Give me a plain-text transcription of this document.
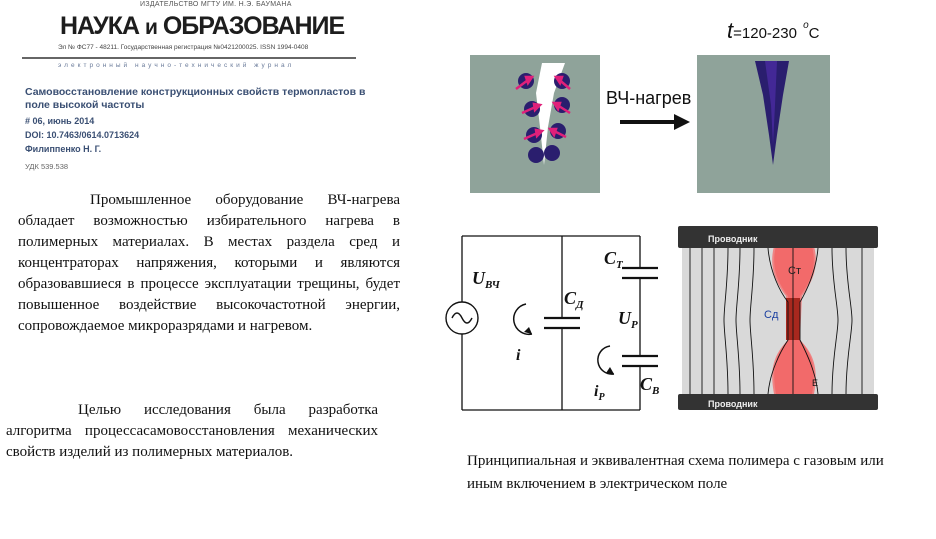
ИЗДАТЕЛЬСТВО МГТУ ИМ. Н.Э. БАУМАНА
НАУКА и ОБРАЗОВАНИЕ
Эл № ФС77 - 48211. Государственная регистрация №0421200025. ISSN 1994-0408
электронный научно-технический журнал
Самовосстановление конструкционных свойств термопластов в
поле высокой частоты
# 06, июнь 2014
DOI: 10.7463/0614.0713624
Филиппенко Н. Г.
УДК 539.538
Промышленное оборудование ВЧ-нагрева обладает возможностью избирательного нагрева в полимерных материалах. В местах раздела сред и концентраторах напряжения, которыми и являются образовавшиеся в процессе эксплуатации трещины, будет повышенное воздействие высокочастотной энергии, сопровождаемое микроразрядами и нагревом.
Целью исследования была разработка алгоритма процессасамовосстановления механических свойств изделий из полимерных материалов.
ВЧ-нагрев
t=120-230 $^o$C
$U_{ВЧ}$
$C_Т$
$C_Д$
$U_Р$
$C_В$
i
$i_Р$
Проводник
Проводник
Cт
Cд
E
Принципиальная и эквивалентная схема полимера с газовым или иным включением в электрическом поле
